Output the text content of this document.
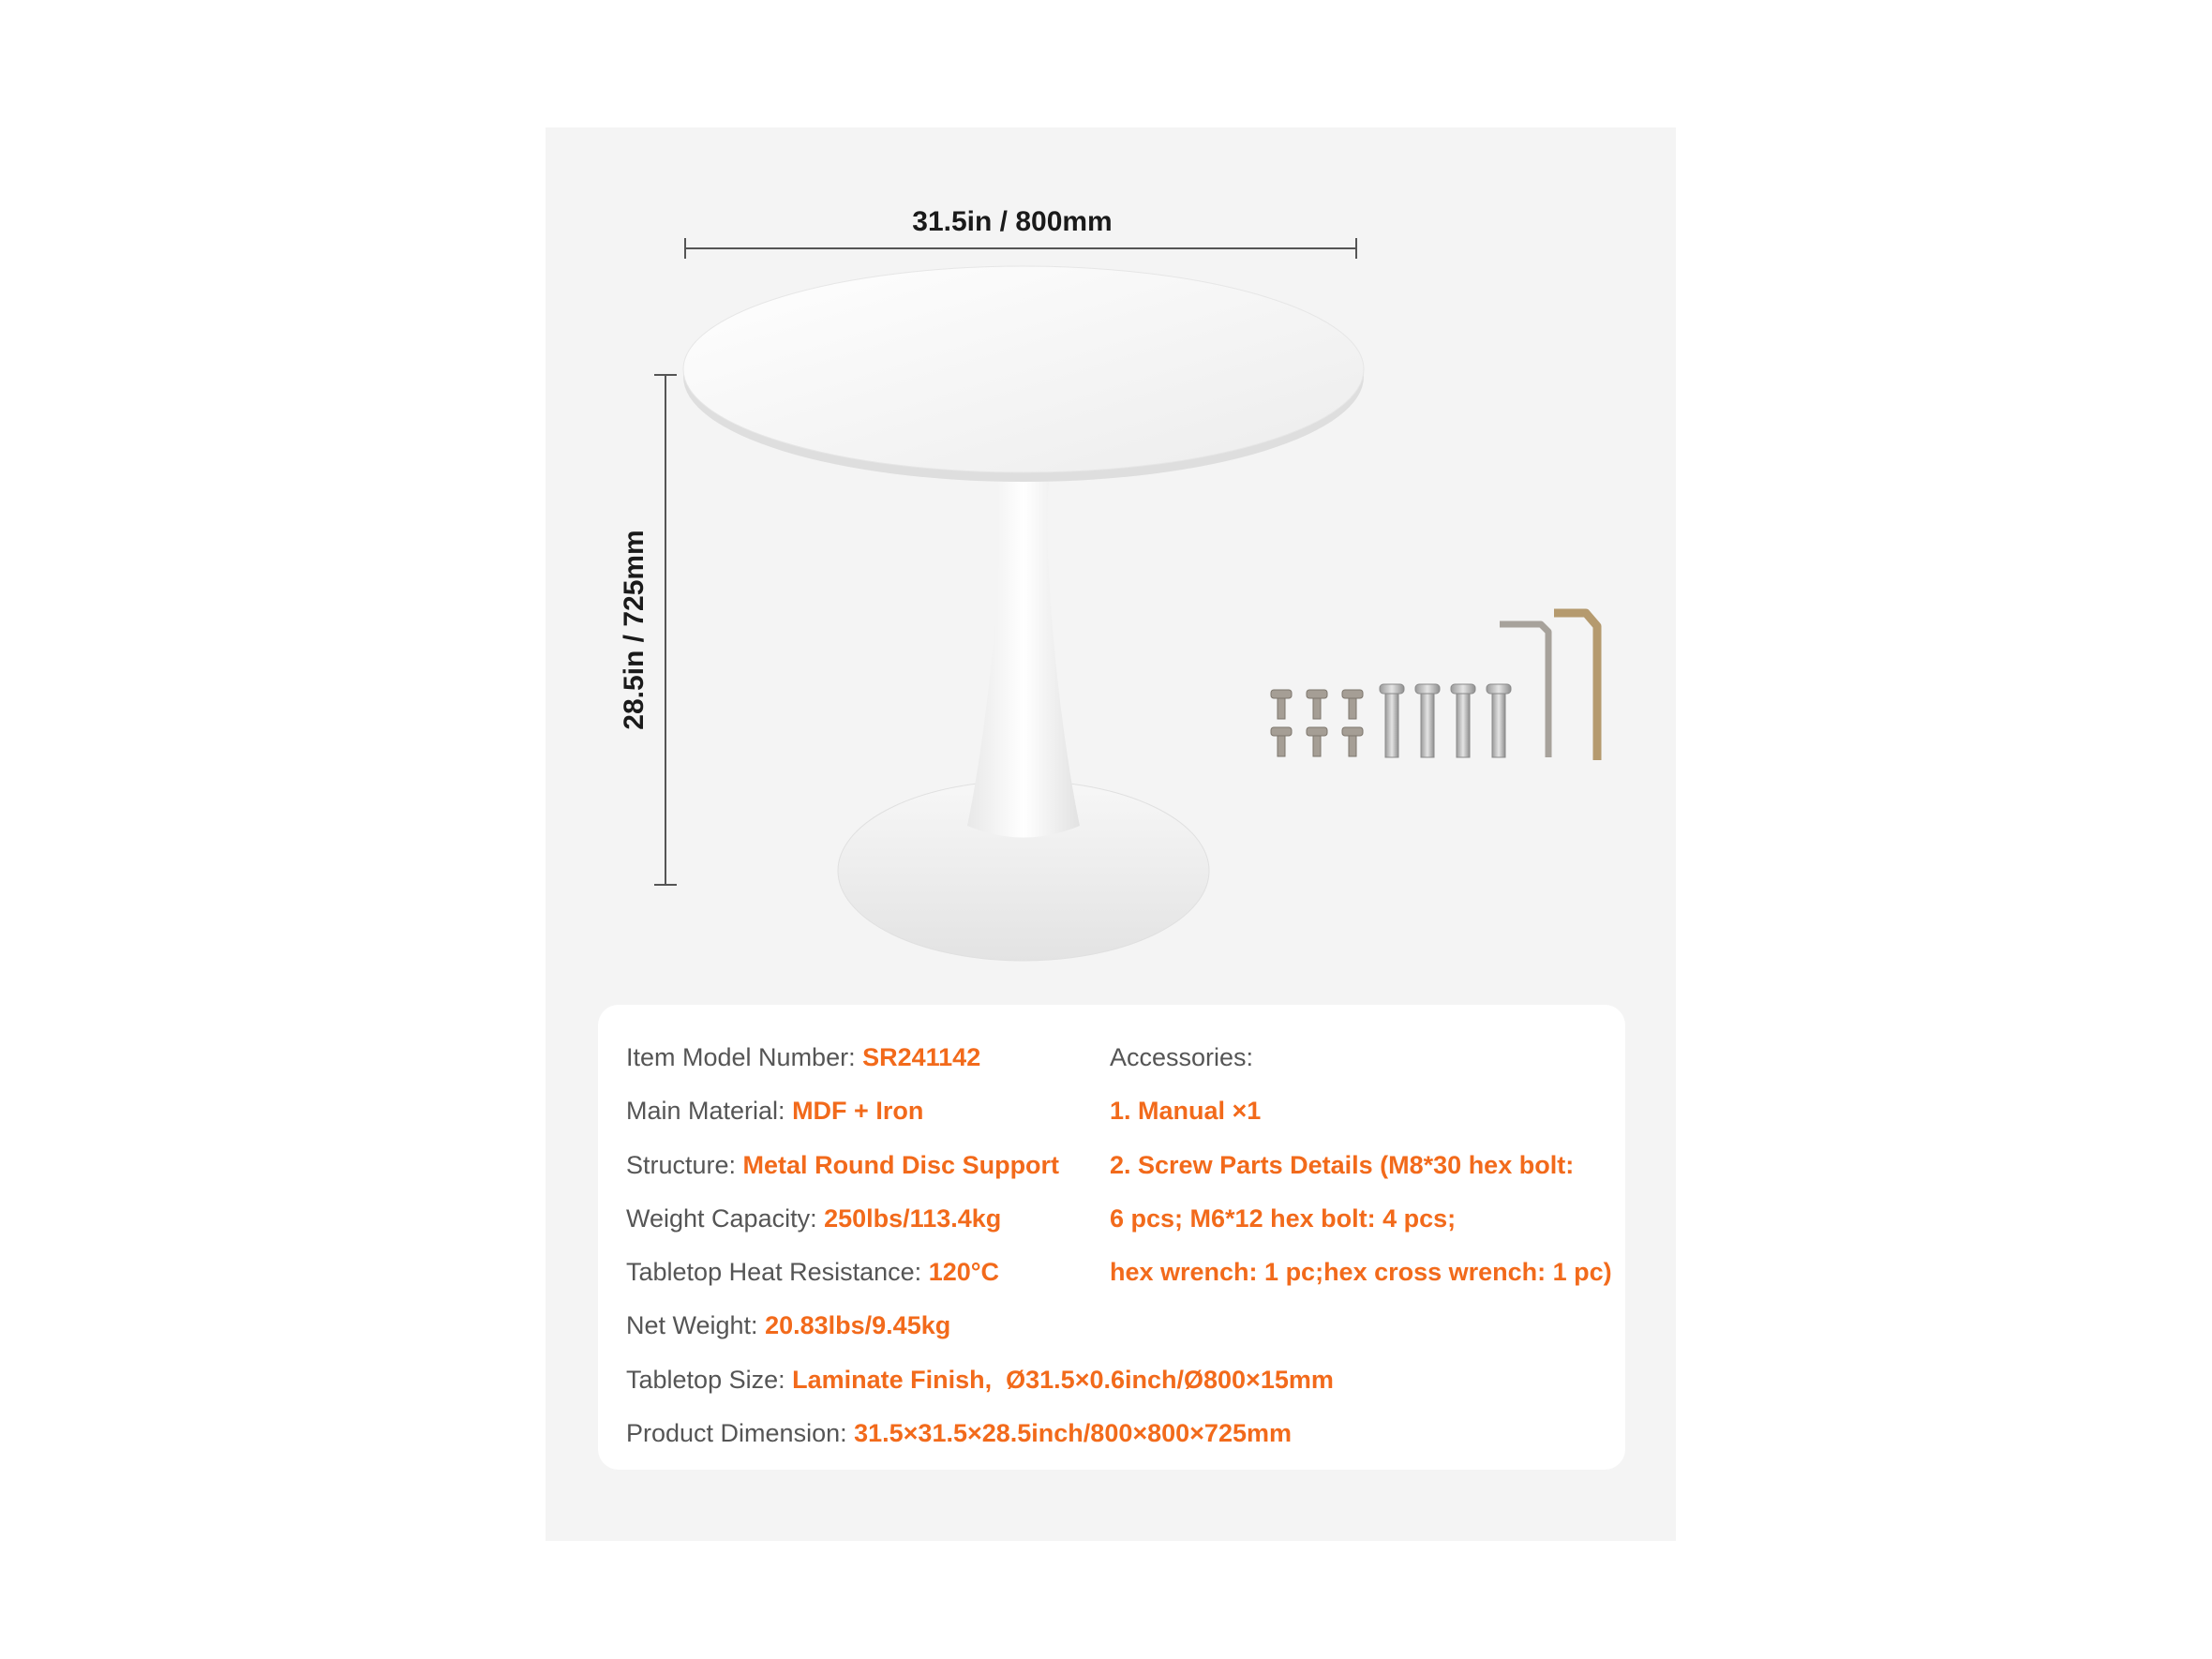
31.5in / 800mm
28.5in / 725mm
Item Model Number: SR241142
Main Material: MDF + Iron
Structure: Metal Round Disc Support
Weight Capacity: 250lbs/113.4kg
Tabletop Heat Resistance: 120°C
Net Weight: 20.83lbs/9.45kg
Tabletop Size: Laminate Finish,  Ø31.5×0.6inch/Ø800×15mm
Product Dimension: 31.5×31.5×28.5inch/800×800×725mm
Accessories:
1. Manual ×1
2. Screw Parts Details (M8*30 hex bolt:
6 pcs; M6*12 hex bolt: 4 pcs;
hex wrench: 1 pc;hex cross wrench: 1 pc)
